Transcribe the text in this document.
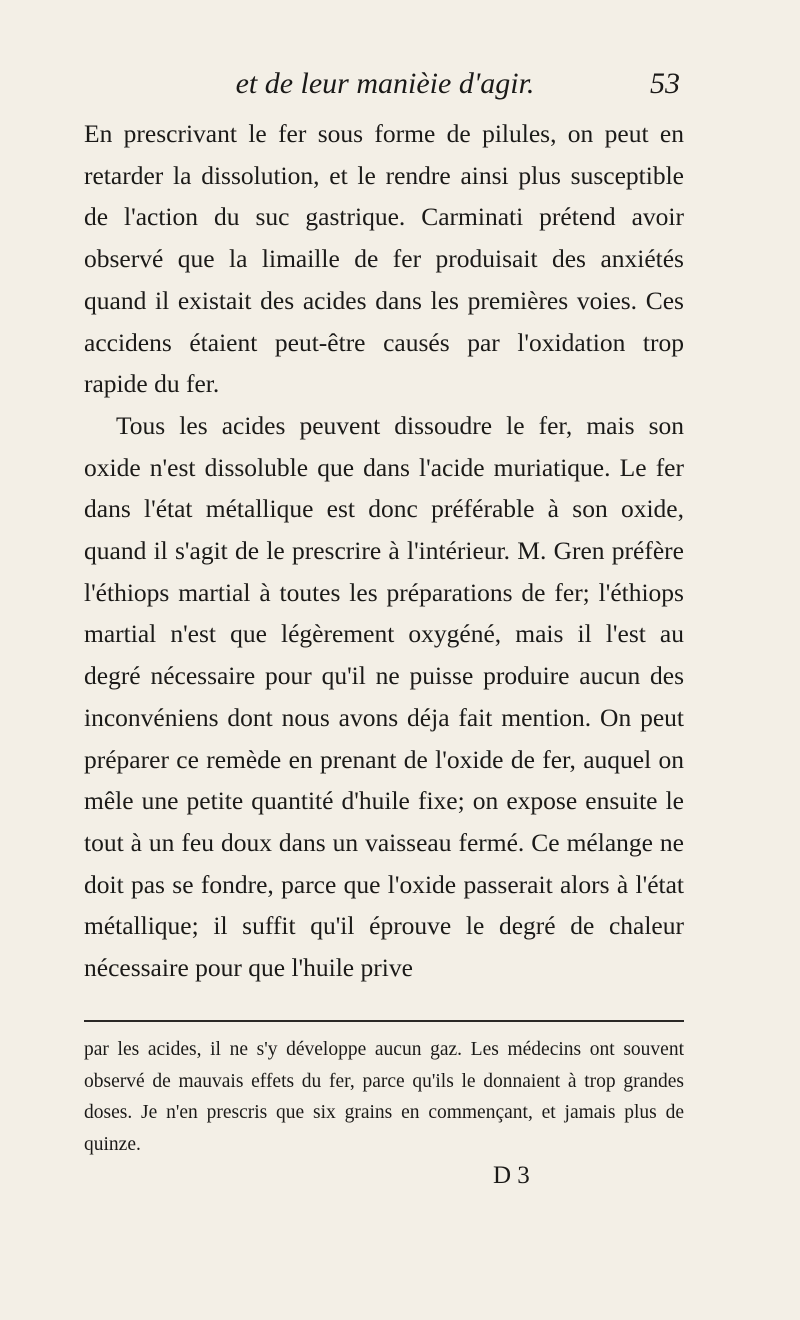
et de leur manièie d'agir.	53

En prescrivant le fer sous forme de pilules, on peut en retarder la dissolution, et le rendre ainsi plus susceptible de l'action du suc gastrique. Carminati prétend avoir observé que la limaille de fer produisait des anxiétés quand il existait des acides dans les premières voies. Ces accidens étaient peut-être causés par l'oxidation trop rapide du fer.

Tous les acides peuvent dissoudre le fer, mais son oxide n'est dissoluble que dans l'acide muriatique. Le fer dans l'état métallique est donc préférable à son oxide, quand il s'agit de le prescrire à l'intérieur. M. Gren préfère l'éthiops martial à toutes les préparations de fer; l'éthiops martial n'est que légèrement oxygéné, mais il l'est au degré nécessaire pour qu'il ne puisse produire aucun des inconvéniens dont nous avons déja fait mention. On peut préparer ce remède en prenant de l'oxide de fer, auquel on mêle une petite quantité d'huile fixe; on expose ensuite le tout à un feu doux dans un vaisseau fermé. Ce mélange ne doit pas se fondre, parce que l'oxide passerait alors à l'état métallique; il suffit qu'il éprouve le degré de chaleur nécessaire pour que l'huile prive

par les acides, il ne s'y développe aucun gaz. Les médecins ont souvent observé de mauvais effets du fer, parce qu'ils le donnaient à trop grandes doses. Je n'en prescris que six grains en commençant, et jamais plus de quinze.
D 3
